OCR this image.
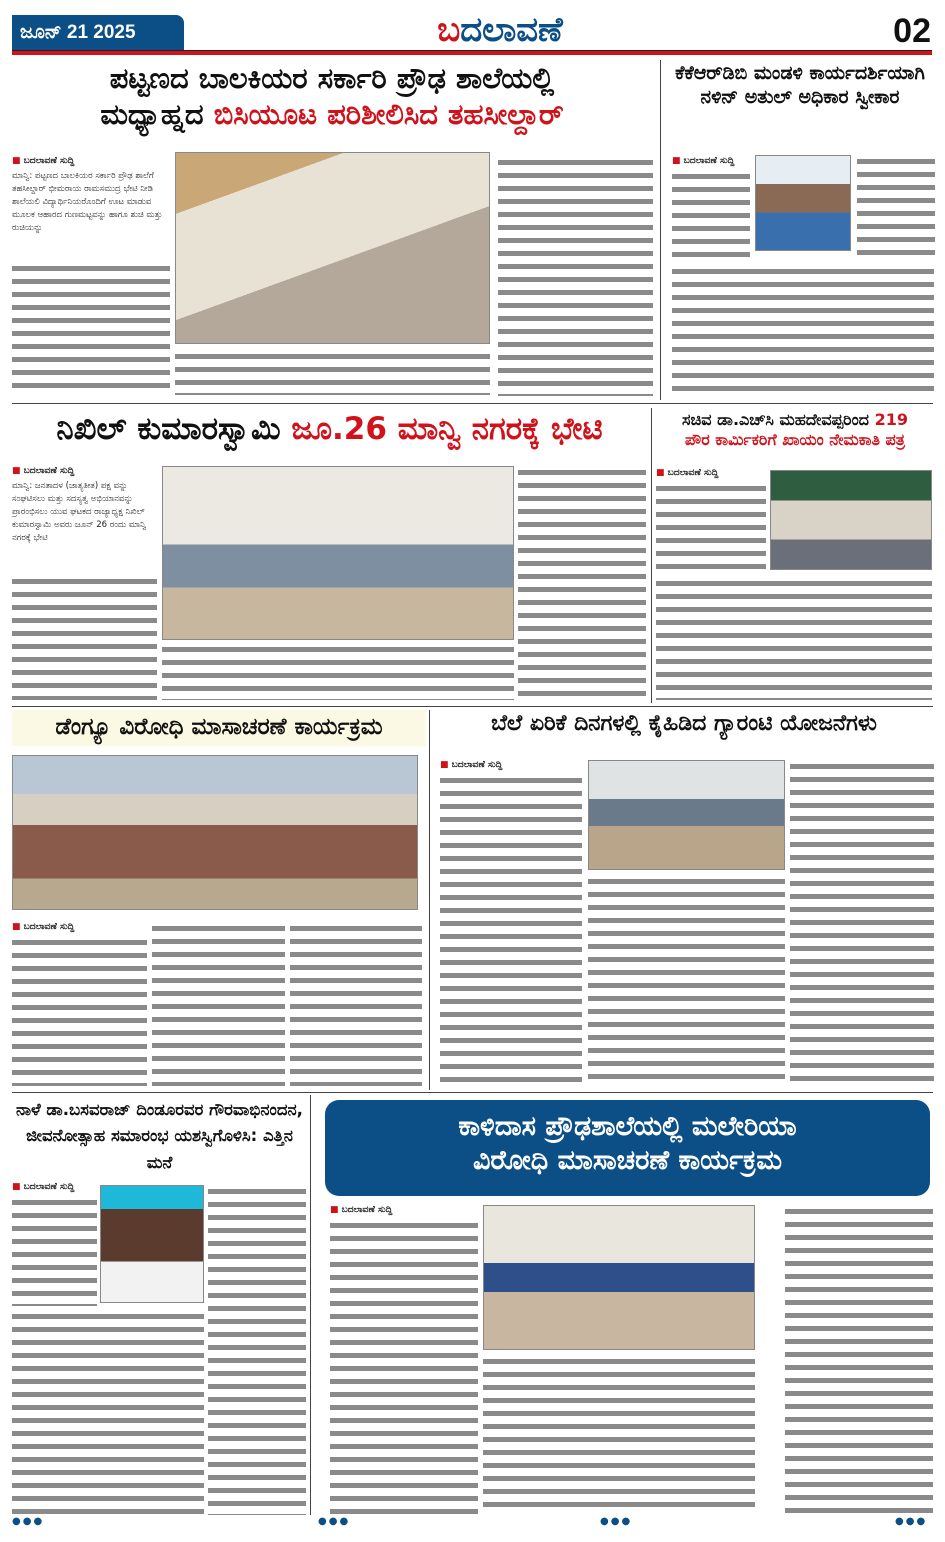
ಜೂನ್ 21 2025	ಬದಲಾವಣೆ	02
ಪಟ್ಟಣದ ಬಾಲಕಿಯರ ಸರ್ಕಾರಿ ಪ್ರೌಢ ಶಾಲೆಯಲ್ಲಿ
ಮಧ್ಯಾಹ್ನದ ಬಿಸಿಯೂಟ ಪರಿಶೀಲಿಸಿದ ತಹಸೀಲ್ದಾರ್
■ ಬದಲಾವಣೆ ಸುದ್ದಿ
ಮಾನ್ವಿ: ಪಟ್ಟಣದ ಬಾಲಕಿಯರ ಸರ್ಕಾರಿ ಪ್ರೌಢ ಶಾಲೆಗೆ ತಹಸೀಲ್ದಾರ್ ಭೀಮರಾಯ ರಾಮಸಮುದ್ರ ಭೇಟಿ ನೀಡಿ ಶಾಲೆಯಲಿ ವಿದ್ಯಾರ್ಥಿನಿಯರೊಂದಿಗೆ ಊಟ ಮಾಡುವ ಮೂಲಕ ಆಹಾರದ ಗುಣಮಟ್ಟವನ್ನು ಹಾಗೂ ಶುಚಿ ಮತ್ತು ರುಚಿಯನ್ನು
ಕೆಕೆಆರ್‌ಡಿಬಿ ಮಂಡಳಿ ಕಾರ್ಯದರ್ಶಿಯಾಗಿ ನಳಿನ್ ಅತುಲ್ ಅಧಿಕಾರ ಸ್ವೀಕಾರ
■ ಬದಲಾವಣೆ ಸುದ್ದಿ
ನಿಖಿಲ್ ಕುಮಾರಸ್ವಾಮಿ ಜೂ.26 ಮಾನ್ವಿ ನಗರಕ್ಕೆ ಭೇಟಿ
■ ಬದಲಾವಣೆ ಸುದ್ದಿ
ಮಾನ್ವಿ: ಜನತಾದಳ (ಜಾತ್ಯತೀತ) ಪಕ್ಷ ವನ್ನು ಸಂಘಟಿಸಲು ಮತ್ತು ಸದಸ್ಯತ್ವ ಅಭಿಯಾನವನ್ನು ಪ್ರಾರಂಭಿಸಲು ಯುವ ಘಟಕದ ರಾಜ್ಯಾಧ್ಯಕ್ಷ ನಿಖಿಲ್ ಕುಮಾರಸ್ವಾಮಿ ಅವರು ಜೂನ್ 26 ರಂದು ಮಾನ್ವಿ ನಗರಕ್ಕೆ ಭೇಟಿ
ಸಚಿವ ಡಾ.ಎಚ್‌ಸಿ ಮಹದೇವಪ್ಪರಿಂದ 219
ಪೌರ ಕಾರ್ಮಿಕರಿಗೆ ಖಾಯಂ ನೇಮಕಾತಿ ಪತ್ರ
■ ಬದಲಾವಣೆ ಸುದ್ದಿ
ಡೆಂಗ್ಯೂ ವಿರೋಧಿ ಮಾಸಾಚರಣೆ ಕಾರ್ಯಕ್ರಮ
■ ಬದಲಾವಣೆ ಸುದ್ದಿ
ಬೆಲೆ ಏರಿಕೆ ದಿನಗಳಲ್ಲಿ ಕೈಹಿಡಿದ ಗ್ಯಾರಂಟಿ ಯೋಜನೆಗಳು
■ ಬದಲಾವಣೆ ಸುದ್ದಿ
ನಾಳೆ ಡಾ.ಬಸವರಾಜ್ ದಿಂಡೂರವರ ಗೌರವಾಭಿನಂದನ, ಜೀವನೋತ್ಸಾಹ ಸಮಾರಂಭ ಯಶಸ್ವಿಗೊಳಿಸಿ: ಎತ್ತಿನ ಮನೆ
■ ಬದಲಾವಣೆ ಸುದ್ದಿ
ಕಾಳಿದಾಸ ಪ್ರೌಢಶಾಲೆಯಲ್ಲಿ ಮಲೇರಿಯಾ
ವಿರೋಧಿ ಮಾಸಾಚರಣೆ ಕಾರ್ಯಕ್ರಮ
■ ಬದಲಾವಣೆ ಸುದ್ದಿ
●●●	●●●	●●●	●●●
